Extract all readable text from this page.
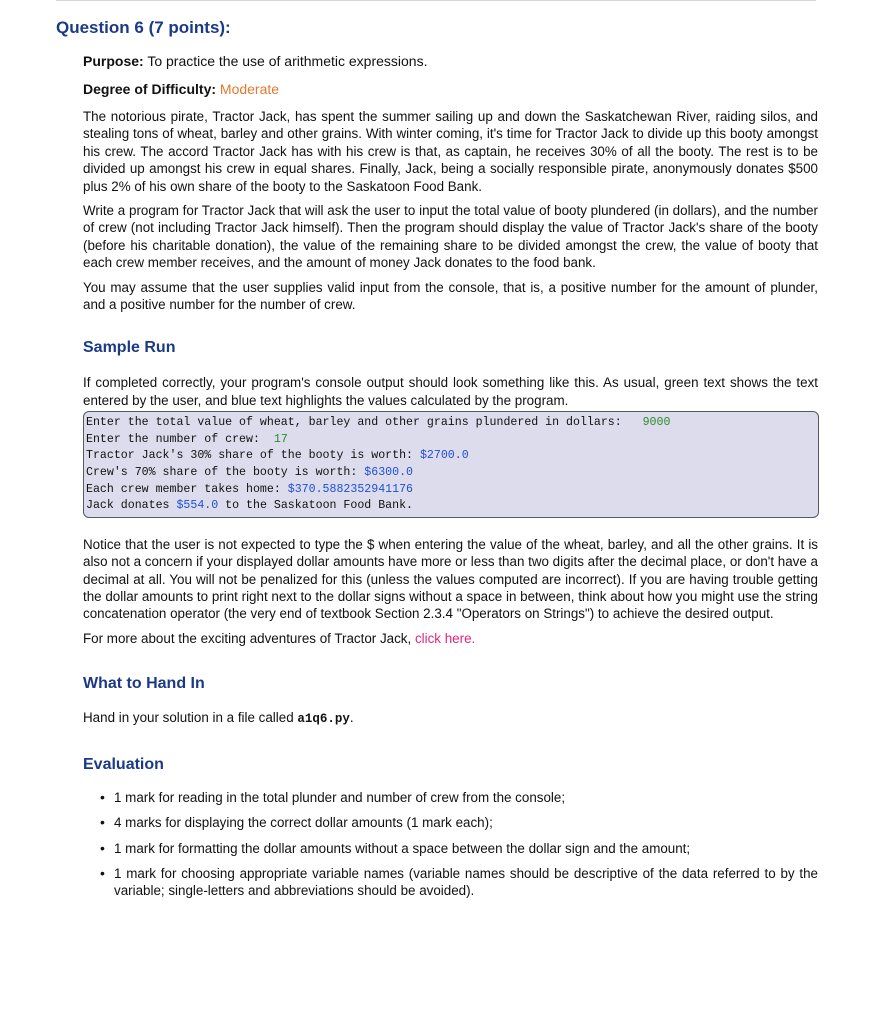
Question 6 (7 points):
Purpose: To practice the use of arithmetic expressions.
Degree of Difficulty: Moderate

The notorious pirate, Tractor Jack, has spent the summer sailing up and down the Saskatchewan River, raiding silos, and stealing tons of wheat, barley and other grains. With winter coming, it's time for Tractor Jack to divide up this booty amongst his crew. The accord Tractor Jack has with his crew is that, as captain, he receives 30% of all the booty. The rest is to be divided up amongst his crew in equal shares. Finally, Jack, being a socially responsible pirate, anonymously donates $500 plus 2% of his own share of the booty to the Saskatoon Food Bank.

Write a program for Tractor Jack that will ask the user to input the total value of booty plundered (in dollars), and the number of crew (not including Tractor Jack himself). Then the program should display the value of Tractor Jack's share of the booty (before his charitable donation), the value of the remaining share to be divided amongst the crew, the value of booty that each crew member receives, and the amount of money Jack donates to the food bank.

You may assume that the user supplies valid input from the console, that is, a positive number for the amount of plunder, and a positive number for the number of crew.

Sample Run

If completed correctly, your program's console output should look something like this. As usual, green text shows the text entered by the user, and blue text highlights the values calculated by the program.

Enter the total value of wheat, barley and other grains plundered in dollars: 9000
Enter the number of crew: 17
Tractor Jack's 30% share of the booty is worth: $2700.0
Crew's 70% share of the booty is worth: $6300.0
Each crew member takes home: $370.5882352941176
Jack donates $554.0 to the Saskatoon Food Bank.

Notice that the user is not expected to type the $ when entering the value of the wheat, barley, and all the other grains. It is also not a concern if your displayed dollar amounts have more or less than two digits after the decimal place, or don't have a decimal at all. You will not be penalized for this (unless the values computed are incorrect). If you are having trouble getting the dollar amounts to print right next to the dollar signs without a space in between, think about how you might use the string concatenation operator (the very end of textbook Section 2.3.4 "Operators on Strings") to achieve the desired output.

For more about the exciting adventures of Tractor Jack, click here.

What to Hand In

Hand in your solution in a file called a1q6.py.

Evaluation
• 1 mark for reading in the total plunder and number of crew from the console;
• 4 marks for displaying the correct dollar amounts (1 mark each);
• 1 mark for formatting the dollar amounts without a space between the dollar sign and the amount;
• 1 mark for choosing appropriate variable names (variable names should be descriptive of the data referred to by the variable; single-letters and abbreviations should be avoided).
